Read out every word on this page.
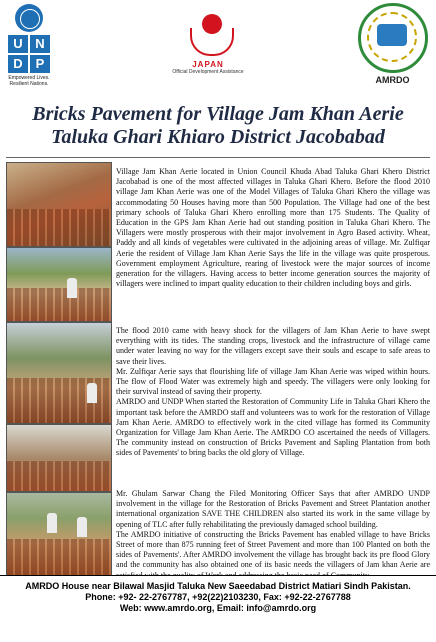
U N
D P
Empowered Lives.
Resilient Nations.
JAPAN
Official Development Assistance
AMRDO
Bricks Pavement for Village Jam Khan Aerie
Taluka Ghari Khiaro District Jacobabad

Village Jam Khan Aerie located in Union Council Khuda Abad Taluka Ghari Khero District Jacobabad is one of the most affected villages in Taluka Ghari Khero. Before the flood 2010 village Jam Khan Aerie was one of the Model Villages of Taluka Ghari Khero the village was accommodating 50 Houses having more than 500 Population. The Village had one of the best primary schools of Taluka Ghari Khero enrolling more than 175 Students. The Quality of Education in the GPS Jam Khan Aerie had out standing position in Taluka Ghari Khero. The Villagers were mostly prosperous with their major involvement in Agro Based activity. Wheat, Paddy and all kinds of vegetables were cultivated in the adjoining areas of village. Mr. Zulfiqar Aerie the resident of Village Jam Khan Aerie Says the life in the village was quite prosperous. Government employment Agriculture, rearing of livestock were the major sources of income generation for the villagers. Having access to better income generation sources the majority of villagers were inclined to impart quality education to their children including boys and girls.

The flood 2010 came with heavy shock for the villagers of Jam Khan Aerie to have swept everything with its tides. The standing crops, livestock and the infrastructure of village came under water leaving no way for the villagers except save their souls and escape to safe areas to save their lives.

Mr. Zulfiqar Aerie says that flourishing life of village Jam Khan Aerie was wiped within hours. The flow of Flood Water was extremely high and speedy. The villagers were only looking for their survival instead of saving their property.

AMRDO and UNDP When started the Restoration of Community Life in Taluka Ghari Khero the important task before the AMRDO staff and volunteers was to work for the restoration of Village Jam Khan Aerie. AMRDO to effectively work in the cited village has formed its Community Organization for Village Jam Khan Aerie. The AMRDO CO ascertained the needs of Villagers. The community instead on construction of Bricks Pavement and Sapling Plantation from both sides of Pavements' to bring backs the old glory of Village.

Mr. Ghulam Sarwar Chang the Filed Monitoring Officer Says that after AMRDO UNDP involvement in the village for the Restoration of Bricks Pavement and Street Plantation another international organization SAVE THE CHILDREN also started its work in the same village by opening of TLC after fully rehabilitating the previously damaged school building.

The AMRDO initiative of constructing the Bricks Pavement has enabled village to have Bricks Street of more than 875 running feet of Street Pavement and more than 100 Planted on both the sides of Pavements'. After AMRDO involvement the village has brought back its pre flood Glory and the community has also obtained one of its basic needs the villagers of Jam khan Aerie are

AMRDO House near Bilawal Masjid Taluka New Saeedabad District Matiari Sindh Pakistan.
Phone: +92- 22-2767787, +92(22)2103230, Fax: +92-22-2767788
Web: www.amrdo.org, Email: info@amrdo.org
